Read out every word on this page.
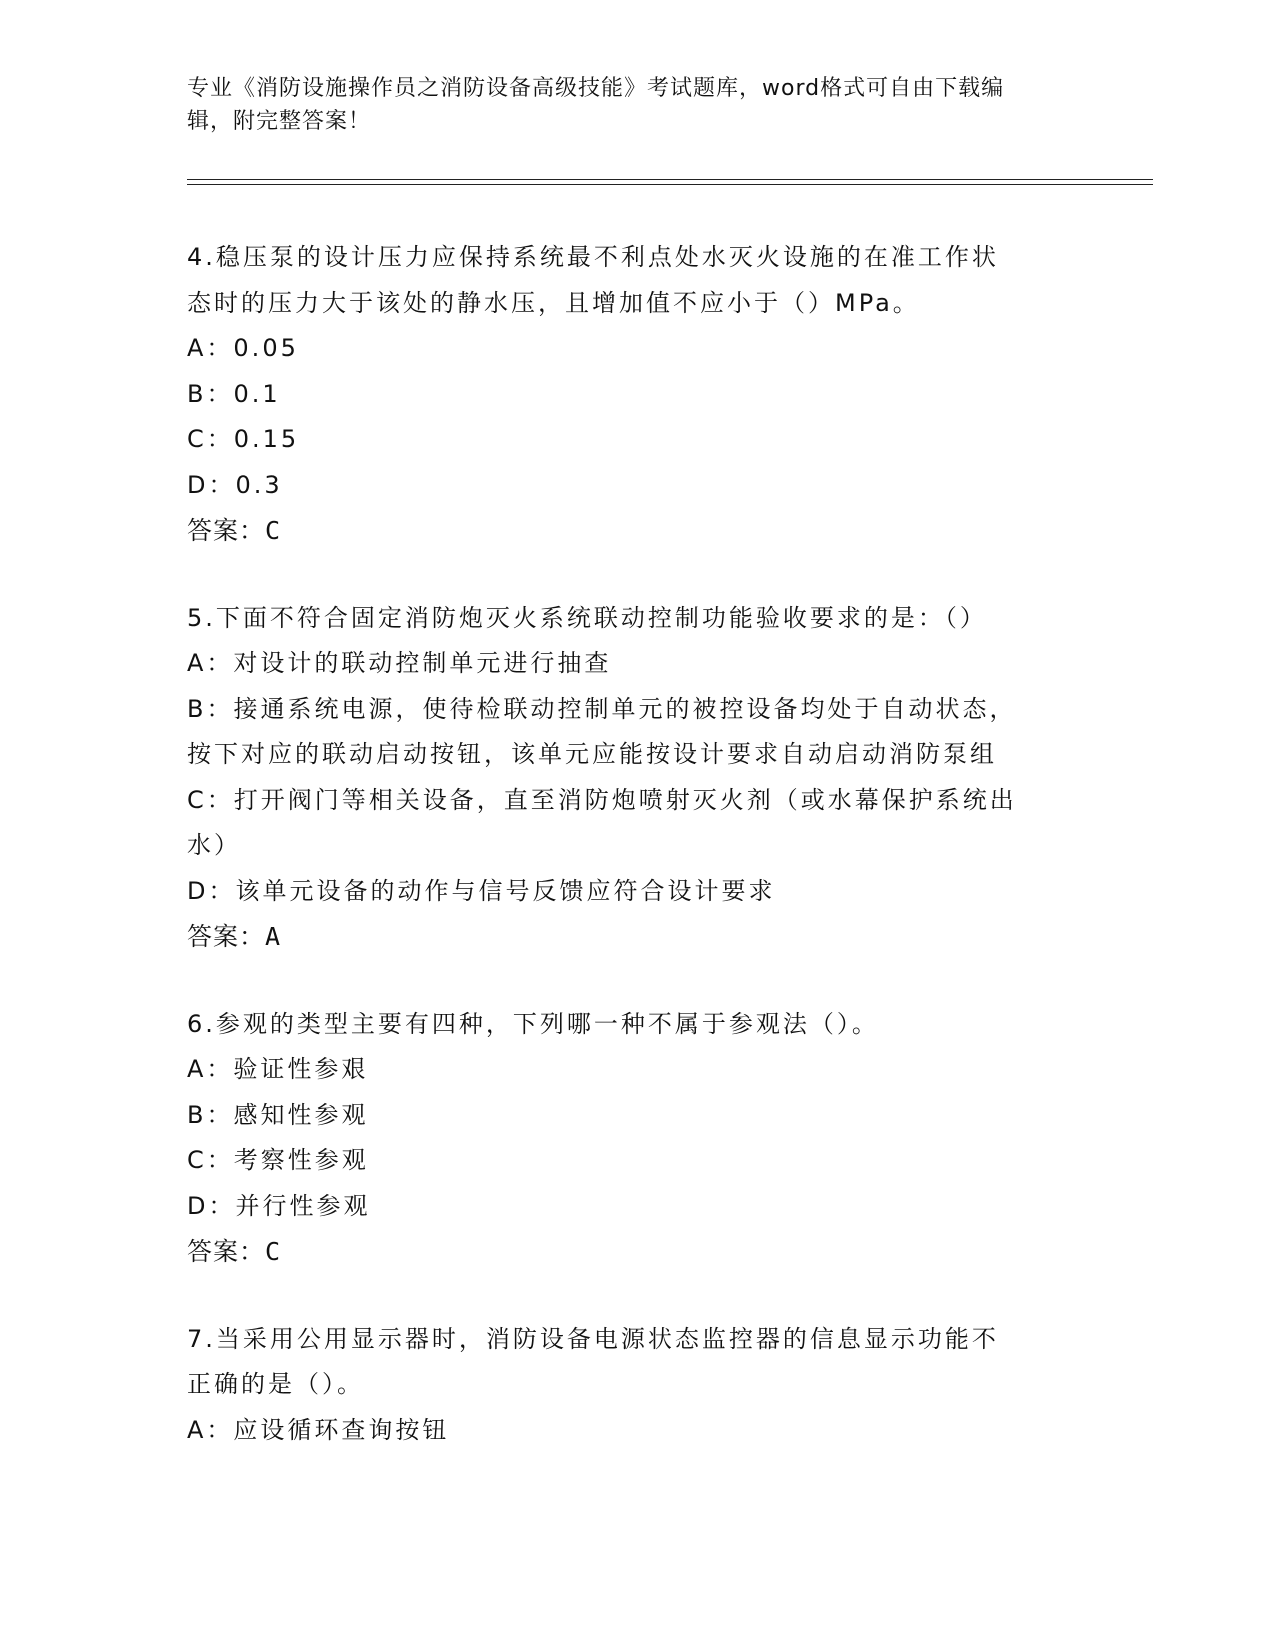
专业《消防设施操作员之消防设备高级技能》考试题库，word格式可自由下载编
辑，附完整答案！
4.稳压泵的设计压力应保持系统最不利点处水灭火设施的在准工作状
态时的压力大于该处的静水压，且增加值不应小于（）MPa。
A：0.05
B：0.1
C：0.15
D：0.3
答案：C
5.下面不符合固定消防炮灭火系统联动控制功能验收要求的是：（）
A：对设计的联动控制单元进行抽查
B：接通系统电源，使待检联动控制单元的被控设备均处于自动状态，
按下对应的联动启动按钮，该单元应能按设计要求自动启动消防泵组
C：打开阀门等相关设备，直至消防炮喷射灭火剂（或水幕保护系统出
水）
D：该单元设备的动作与信号反馈应符合设计要求
答案：A
6.参观的类型主要有四种，下列哪一种不属于参观法（）。
A：验证性参艰
B：感知性参观
C：考察性参观
D：并行性参观
答案：C
7.当采用公用显示器时，消防设备电源状态监控器的信息显示功能不
正确的是（）。
A：应设循环查询按钮
